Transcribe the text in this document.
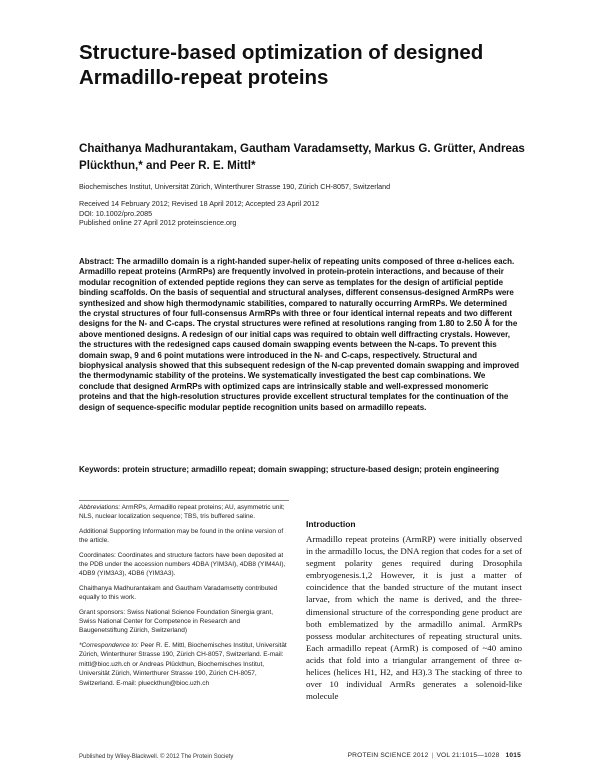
Structure-based optimization of designed Armadillo-repeat proteins
Chaithanya Madhurantakam, Gautham Varadamsetty, Markus G. Grütter, Andreas Plückthun,* and Peer R. E. Mittl*
Biochemisches Institut, Universität Zürich, Winterthurer Strasse 190, Zürich CH-8057, Switzerland
Received 14 February 2012; Revised 18 April 2012; Accepted 23 April 2012
DOI: 10.1002/pro.2085
Published online 27 April 2012 proteinscience.org

Abstract: The armadillo domain is a right-handed super-helix of repeating units composed of three α-helices each. Armadillo repeat proteins (ArmRPs) are frequently involved in protein-protein interactions, and because of their modular recognition of extended peptide regions they can serve as templates for the design of artificial peptide binding scaffolds. On the basis of sequential and structural analyses, different consensus-designed ArmRPs were synthesized and show high thermodynamic stabilities, compared to naturally occurring ArmRPs. We determined the crystal structures of four full-consensus ArmRPs with three or four identical internal repeats and two different designs for the N- and C-caps. The crystal structures were refined at resolutions ranging from 1.80 to 2.50 Å for the above mentioned designs. A redesign of our initial caps was required to obtain well diffracting crystals. However, the structures with the redesigned caps caused domain swapping events between the N-caps. To prevent this domain swap, 9 and 6 point mutations were introduced in the N- and C-caps, respectively. Structural and biophysical analysis showed that this subsequent redesign of the N-cap prevented domain swapping and improved the thermodynamic stability of the proteins. We systematically investigated the best cap combinations. We conclude that designed ArmRPs with optimized caps are intrinsically stable and well-expressed monomeric proteins and that the high-resolution structures provide excellent structural templates for the continuation of the design of sequence-specific modular peptide recognition units based on armadillo repeats.

Keywords: protein structure; armadillo repeat; domain swapping; structure-based design; protein engineering

Abbreviations: ArmRPs, Armadillo repeat proteins; AU, asymmetric unit; NLS, nuclear localization sequence; TBS, tris buffered saline.

Additional Supporting Information may be found in the online version of the article.

Coordinates: Coordinates and structure factors have been deposited at the PDB under the accession numbers 4DBA (YIM3AI), 4DB8 (YIM4AI), 4DB9 (YIM3A3), 4DB6 (YIM3A3).

Chaithanya Madhurantakam and Gautham Varadamsetty contributed equally to this work.

Grant sponsors: Swiss National Science Foundation Sinergia grant, Swiss National Center for Competence in Research and Baugenetstiftung Zürich, Switzerland)

*Correspondence to: Peer R. E. Mittl, Biochemisches Institut, Universität Zürich, Winterthurer Strasse 190, Zürich CH-8057, Switzerland. E-mail: mittl@bioc.uzh.ch or Andreas Plückthun, Biochemisches Institut, Universität Zürich, Winterthurer Strasse 190, Zürich CH-8057, Switzerland. E-mail: plueckthun@bioc.uzh.ch

Introduction

Armadillo repeat proteins (ArmRP) were initially observed in the armadillo locus, the DNA region that codes for a set of segment polarity genes required during Drosophila embryogenesis.1,2 However, it is just a matter of coincidence that the banded structure of the mutant insect larvae, from which the name is derived, and the three-dimensional structure of the corresponding gene product are both emblematized by the armadillo animal. ArmRPs possess modular architectures of repeating structural units. Each armadillo repeat (ArmR) is composed of ~40 amino acids that fold into a triangular arrangement of three α-helices (helices H1, H2, and H3).3 The stacking of three to over 10 individual ArmRs generates a solenoid-like molecule

Published by Wiley-Blackwell. © 2012 The Protein Society	PROTEIN SCIENCE 2012 | VOL 21:1015—1028 1015
